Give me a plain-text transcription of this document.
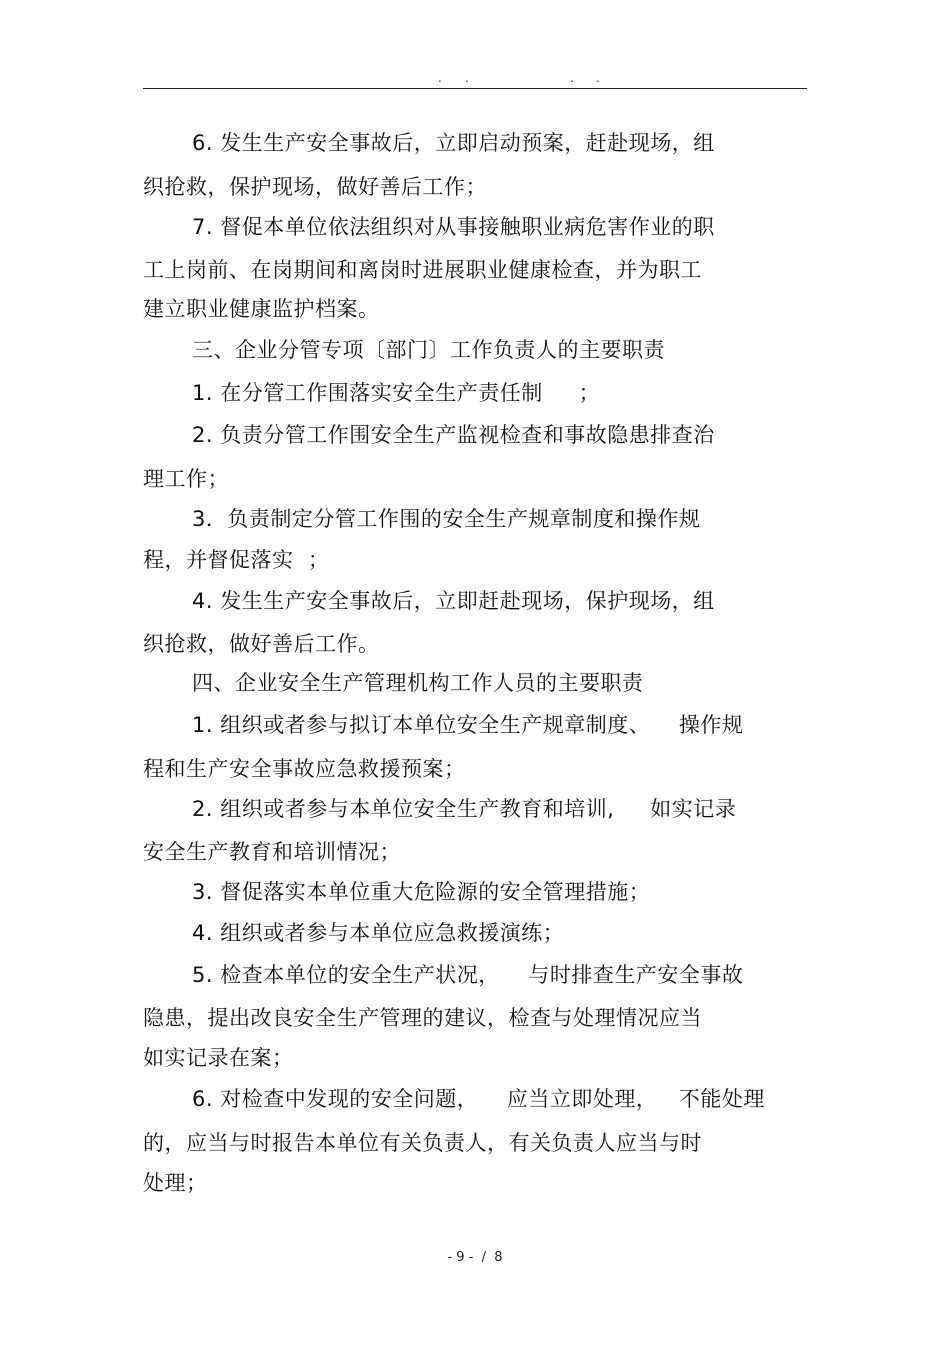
. .	. .
6. 发生生产安全事故后，立即启动预案，赶赴现场，组
织抢救，保护现场，做好善后工作；
7. 督促本单位依法组织对从事接触职业病危害作业的职
工上岗前、在岗期间和离岗时进展职业健康检查，并为职工
建立职业健康监护档案。
三、企业分管专项〔部门〕工作负责人的主要职责
1. 在分管工作围落实安全生产责任制     ；
2. 负责分管工作围安全生产监视检查和事故隐患排查治
理工作；
3．负责制定分管工作围的安全生产规章制度和操作规
程，并督促落实  ；
4. 发生生产安全事故后，立即赶赴现场，保护现场，组
织抢救，做好善后工作。
四、企业安全生产管理机构工作人员的主要职责
1. 组织或者参与拟订本单位安全生产规章制度、    操作规
程和生产安全事故应急救援预案；
2. 组织或者参与本单位安全生产教育和培训,     如实记录
安全生产教育和培训情况；
3. 督促落实本单位重大危险源的安全管理措施；
4. 组织或者参与本单位应急救援演练；
5. 检查本单位的安全生产状况，    与时排查生产安全事故
隐患，提出改良安全生产管理的建议，检查与处理情况应当
如实记录在案；
6. 对检查中发现的安全问题，    应当立即处理，   不能处理
的，应当与时报告本单位有关负责人，有关负责人应当与时
处理；
- 9 -  /  8
